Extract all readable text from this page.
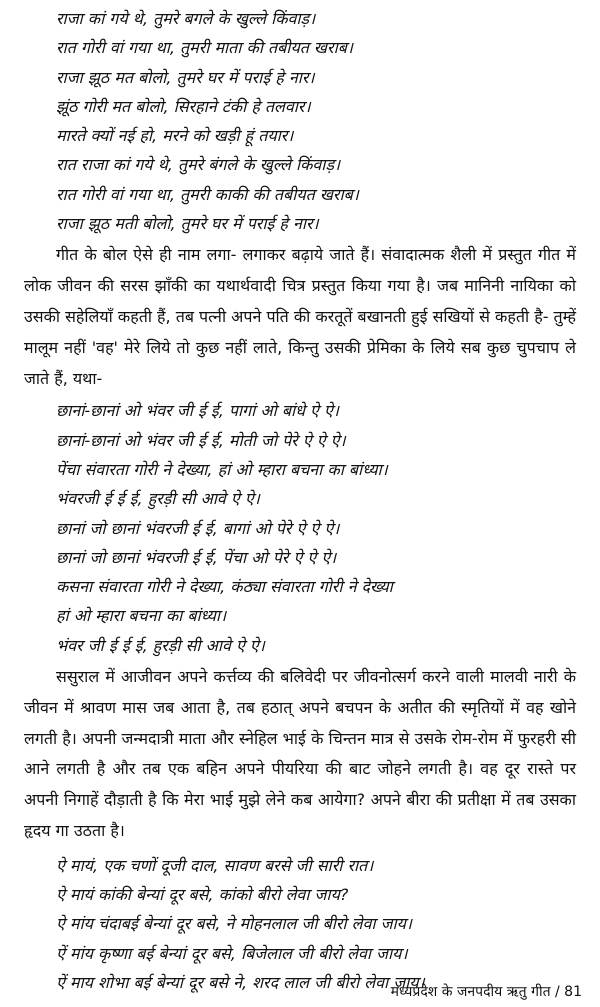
राजा कां गये थे, तुमरे बगले के खुल्ले किंवाड़।
रात गोरी वां गया था, तुमरी माता की तबीयत खराब।
राजा झूठ मत बोलो, तुमरे घर में पराई हे नार।
झूंठ गोरी मत बोलो, सिरहाने टंकी हे तलवार।
मारते क्यों नई हो, मरने को खड़ी हूं तयार।
रात राजा कां गये थे, तुमरे बंगले के खुल्ले किंवाड़।
रात गोरी वां गया था, तुमरी काकी की तबीयत खराब।
राजा झूठ मती बोलो, तुमरे घर में पराई हे नार।

गीत के बोल ऐसे ही नाम लगा- लगाकर बढ़ाये जाते हैं। संवादात्मक शैली में प्रस्तुत गीत में लोक जीवन की सरस झाँकी का यथार्थवादी चित्र प्रस्तुत किया गया है। जब मानिनी नायिका को उसकी सहेलियाँ कहती हैं, तब पत्नी अपने पति की करतूतें बखानती हुई सखियों से कहती है- तुम्हें मालूम नहीं 'वह' मेरे लिये तो कुछ नहीं लाते, किन्तु उसकी प्रेमिका के लिये सब कुछ चुपचाप ले जाते हैं, यथा-

छानां-छानां ओ भंवर जी ई ई, पागां ओ बांधे ऐ ऐ।
छानां-छानां ओ भंवर जी ई ई, मोती जो पेरे ऐ ऐ ऐ।
पेंचा संवारता गोरी ने देख्या, हां ओ म्हारा बचना का बांध्या।
भंवरजी ई ई ई, हुरड़ी सी आवे ऐ ऐ।
छानां जो छानां भंवरजी ई ई, बागां ओ पेरे ऐ ऐ ऐ।
छानां जो छानां भंवरजी ई ई, पेंचा ओ पेरे ऐ ऐ ऐ।
कसना संवारता गोरी ने देख्या, कंठ्या संवारता गोरी ने देख्या
हां ओ म्हारा बचना का बांध्या।
भंवर जी ई ई ई, हुरड़ी सी आवे ऐ ऐ।

ससुराल में आजीवन अपने कर्त्तव्य की बलिवेदी पर जीवनोत्सर्ग करने वाली मालवी नारी के जीवन में श्रावण मास जब आता है, तब हठात् अपने बचपन के अतीत की स्मृतियों में वह खोने लगती है। अपनी जन्मदात्री माता और स्नेहिल भाई के चिन्तन मात्र से उसके रोम-रोम में फुरहरी सी आने लगती है और तब एक बहिन अपने पीयरिया की बाट जोहने लगती है। वह दूर रास्ते पर अपनी निगाहें दौड़ाती है कि मेरा भाई मुझे लेने कब आयेगा? अपने बीरा की प्रतीक्षा में तब उसका हृदय गा उठता है।

ऐ मायं, एक चणों दूजी दाल, सावण बरसे जी सारी रात।
ऐ मायं कांकी बेन्यां दूर बसे, कांको बीरो लेवा जाय?
ऐ मांय चंदाबई बेन्यां दूर बसे, ने मोहनलाल जी बीरो लेवा जाय।
ऐं मांय कृष्णा बई बेन्यां दूर बसे, बिजेलाल जी बीरो लेवा जाय।
ऐं माय शोभा बई बेन्यां दूर बसे ने, शरद लाल जी बीरो लेवा जाय।
मध्यप्रदेश के जनपदीय ऋतु गीत / 81
